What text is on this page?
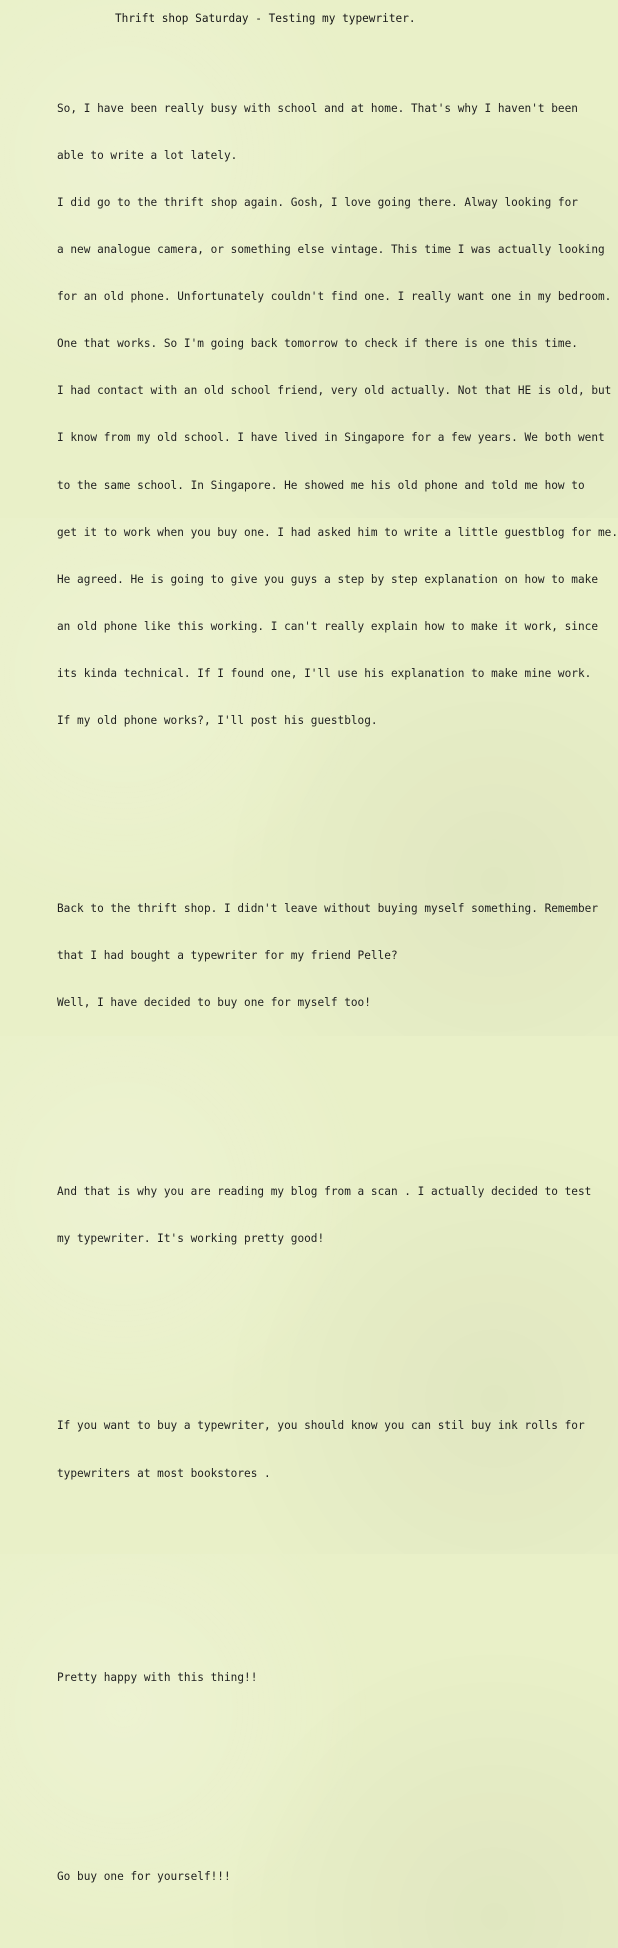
Thrift shop Saturday - Testing my typewriter.

So, I have been really busy with school and at home. That's why I haven't been

able to write a lot lately.

I did go to the thrift shop again. Gosh, I love going there. Alway looking for

a new analogue camera, or something else vintage. This time I was actually looking

for an old phone. Unfortunately couldn't find one. I really want one in my bedroom.

One that works. So I'm going back tomorrow to check if there is one this time.

I had contact with an old school friend, very old actually. Not that HE is old, but

I know from my old school. I have lived in Singapore for a few years. We both went

to the same school. In Singapore. He showed me his old phone and told me how to

get it to work when you buy one. I had asked him to write a little guestblog for me.

He agreed. He is going to give you guys a step by step explanation on how to make

an old phone like this working. I can't really explain how to make it work, since

its kinda technical. If I found one, I'll use his explanation to make mine work.

If my old phone works?, I'll post his guestblog.

Back to the thrift shop. I didn't leave without buying myself something. Remember

that I had bought a typewriter for my friend Pelle?

Well, I have decided to buy one for myself too!

And that is why you are reading my blog from a scan . I actually decided to test

my typewriter. It's working pretty good!

If you want to buy a typewriter, you should know you can stil buy ink rolls for

typewriters at most bookstores .

Pretty happy with this thing!!

Go buy one for yourself!!!
